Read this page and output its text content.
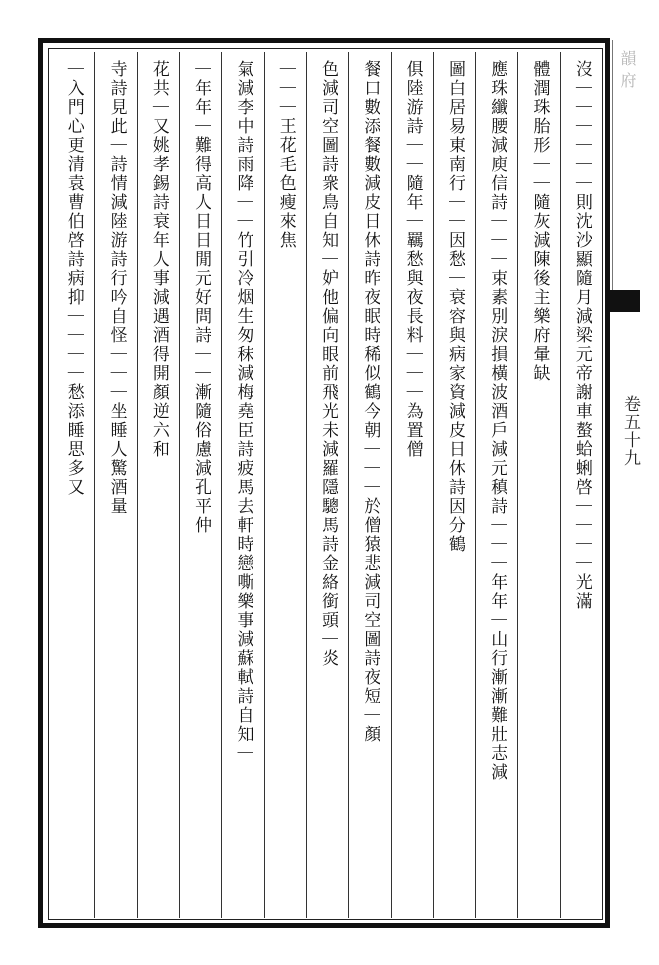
韻府
卷五十九
沒｜｜｜｜｜｜則沈沙顯隨月減梁元帝謝車螯蛤蜊啓｜｜｜｜光滿
體潤珠胎形｜｜隨灰減陳後主樂府暈缺
應珠纖腰減庾信詩｜｜｜束素別淚損橫波酒戶減元稹詩｜｜｜年年｜山行漸漸難壯志減
圖白居易東南行｜｜因愁｜衰容與病家資減皮日休詩因分鶴
俱陸游詩｜｜隨年｜羈愁與夜長料｜｜｜為置僧
餐口數添餐數減皮日休詩昨夜眠時稀似鶴今朝｜｜｜於僧猿悲減司空圖詩夜短｜顏
色減司空圖詩衆鳥自知｜妒他偏向眼前飛光未減羅隱驄馬詩金絡銜頭｜炎
｜｜｜王花毛色瘦來焦
氣減李中詩雨降｜｜竹引冷烟生匆秣減梅堯臣詩疲馬去軒時戀嘶樂事減蘇軾詩自知｜
｜年年｜難得高人日日閒元好問詩｜｜漸隨俗慮減孔平仲
花共｜又姚孝錫詩衰年人事減遇酒得開顏逆六和
寺詩見此｜詩情減陸游詩行吟自怪｜｜｜坐睡人驚酒量
｜入門心更清袁曹伯啓詩病抑｜｜｜｜愁添睡思多又
